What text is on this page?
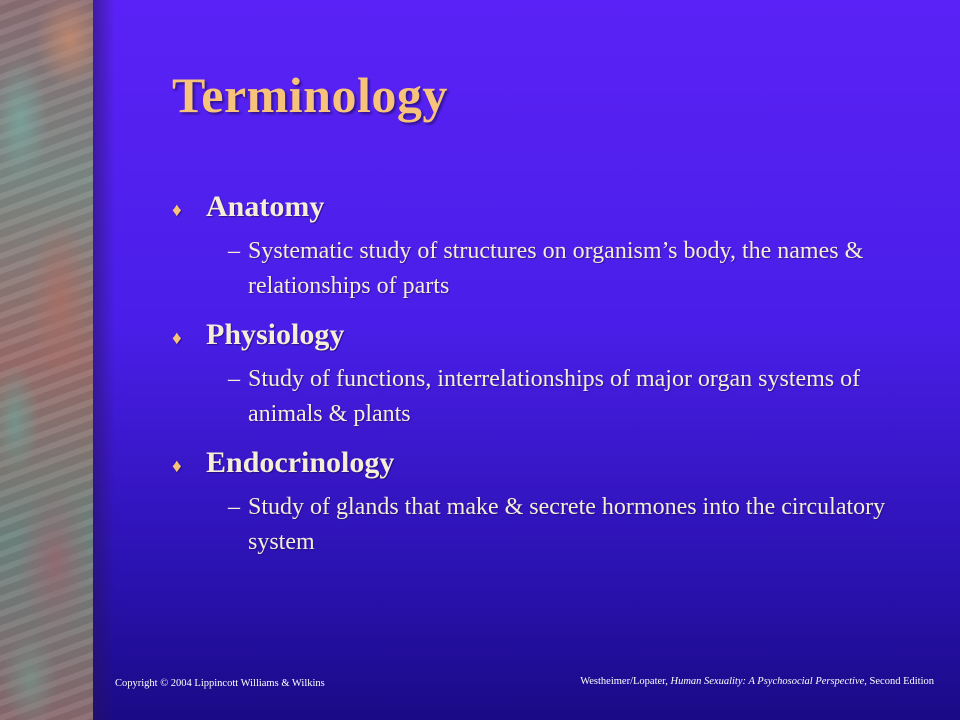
Terminology
♦ Anatomy
– Systematic study of structures on organism’s body, the names & relationships of parts
♦ Physiology
– Study of functions, interrelationships of major organ systems of animals & plants
♦ Endocrinology
– Study of glands that make & secrete hormones into the circulatory system
Copyright © 2004 Lippincott Williams & Wilkins	Westheimer/Lopater, Human Sexuality: A Psychosocial Perspective, Second Edition
